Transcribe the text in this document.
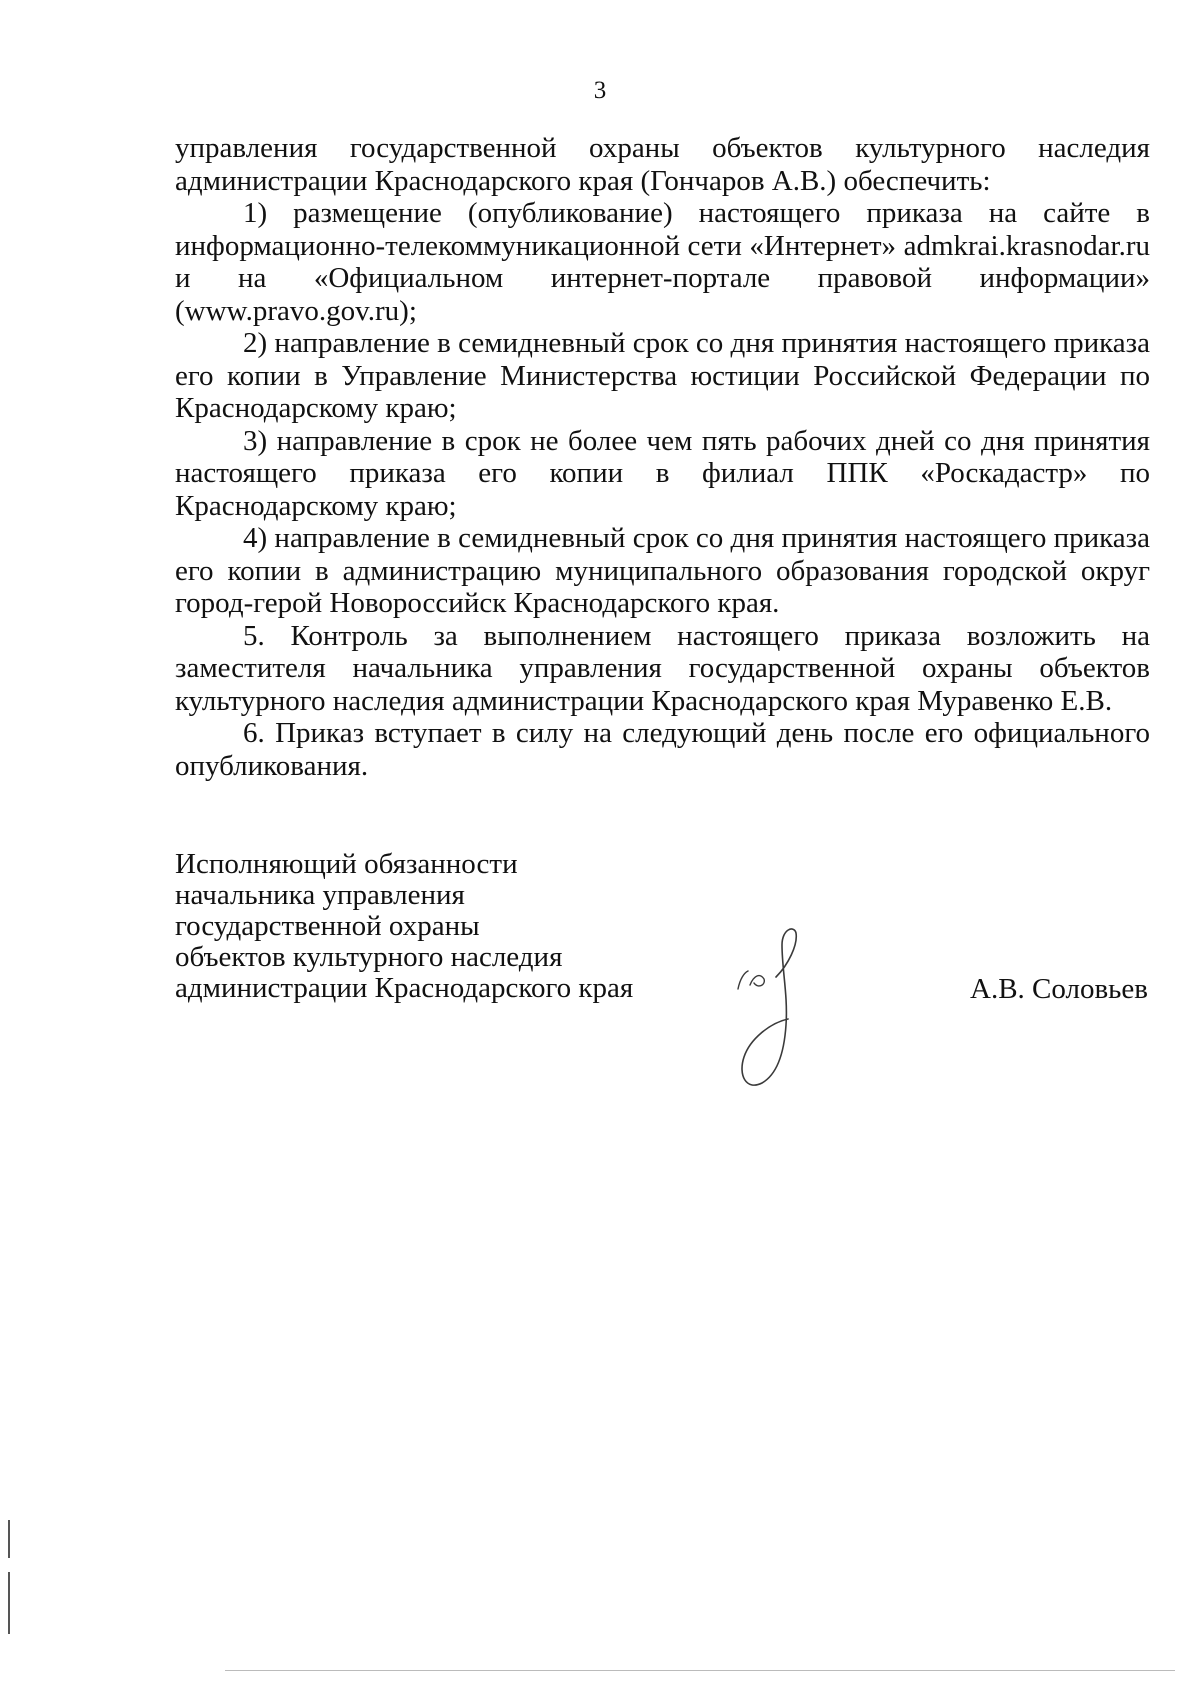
3

управления государственной охраны объектов культурного наследия администрации Краснодарского края (Гончаров А.В.) обеспечить:

1) размещение (опубликование) настоящего приказа на сайте в информационно-телекоммуникационной сети «Интернет» admkrai.krasnodar.ru и на «Официальном интернет-портале правовой информации» (www.pravo.gov.ru);

2) направление в семидневный срок со дня принятия настоящего приказа его копии в Управление Министерства юстиции Российской Федерации по Краснодарскому краю;

3) направление в срок не более чем пять рабочих дней со дня принятия настоящего приказа его копии в филиал ППК «Роскадастр» по Краснодарскому краю;

4) направление в семидневный срок со дня принятия настоящего приказа его копии в администрацию муниципального образования городской округ город-герой Новороссийск Краснодарского края.

5. Контроль за выполнением настоящего приказа возложить на заместителя начальника управления государственной охраны объектов культурного наследия администрации Краснодарского края Муравенко Е.В.

6. Приказ вступает в силу на следующий день после его официального опубликования.

Исполняющий обязанности
начальника управления
государственной охраны
объектов культурного наследия
администрации Краснодарского края	А.В. Соловьев
